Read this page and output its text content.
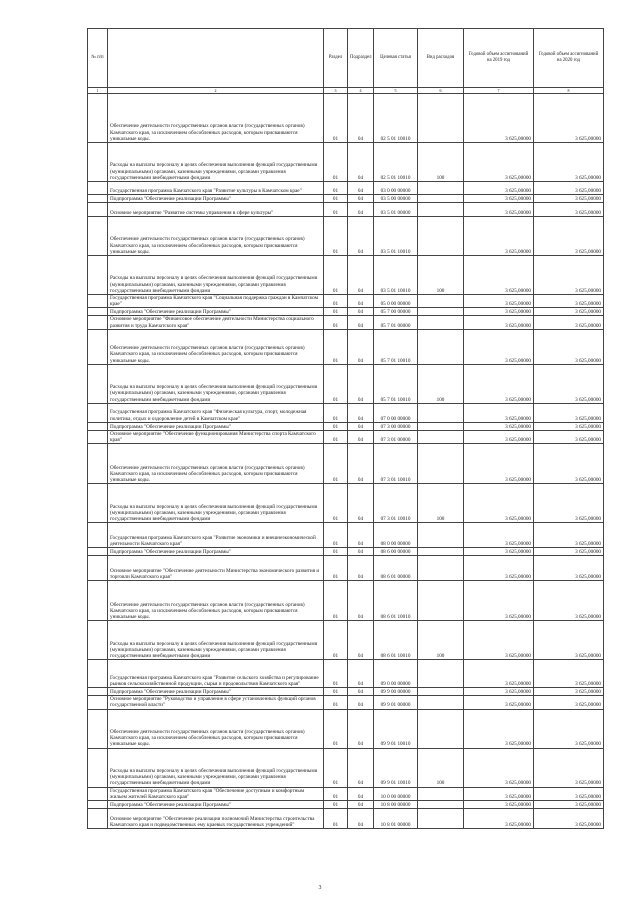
№ п/п		Раздел	Подраздел	Целевая статья	Вид расходов	Годовой объем ассигнований на 2019 год	Годовой объем ассигнований на 2020 год
1	2	3	4	5	6	7	8
	Обеспечение деятельности государственных органов власти (государственных органов) Камчатского края, за исключением обособленных расходов, которым присваиваются уникальные коды.	01	04	02 5 01 10010		3 625,00000	3 625,00000
	Расходы на выплаты персоналу в целях обеспечения выполнения функций государственными (муниципальными) органами, казенными учреждениями, органами управления государственными внебюджетными фондами	01	04	02 5 01 10010	100	3 625,00000	3 625,00000
	Государственная программа Камчатского края "Развитие культуры в Камчатском крае"	01	04	03 0 00 00000		3 625,00000	3 625,00000
	Подпрограмма "Обеспечение реализации Программы"	01	04	03 5 00 00000		3 625,00000	3 625,00000
	Основное мероприятие "Развитие системы управления в сфере культуры"	01	04	03 5 01 00000		3 625,00000	3 625,00000
	Обеспечение деятельности государственных органов власти (государственных органов) Камчатского края, за исключением обособленных расходов, которым присваиваются уникальные коды.	01	04	03 5 01 10010		3 625,00000	3 625,00000
	Расходы на выплаты персоналу в целях обеспечения выполнения функций государственными (муниципальными) органами, казенными учреждениями, органами управления государственными внебюджетными фондами	01	04	03 5 01 10010	100	3 625,00000	3 625,00000
	Государственная программа Камчатского края "Социальная поддержка граждан в Камчатском крае"	01	04	05 0 00 00000		3 625,00000	3 625,00000
	Подпрограмма "Обеспечение реализации Программы"	01	04	05 7 00 00000		3 625,00000	3 625,00000
	Основное мероприятие "Финансовое обеспечение деятельности Министерства социального развития и труда Камчатского края"	01	04	05 7 01 00000		3 625,00000	3 625,00000
	Обеспечение деятельности государственных органов власти (государственных органов) Камчатского края, за исключением обособленных расходов, которым присваиваются уникальные коды.	01	04	05 7 01 10010		3 625,00000	3 625,00000
	Расходы на выплаты персоналу в целях обеспечения выполнения функций государственными (муниципальными) органами, казенными учреждениями, органами управления государственными внебюджетными фондами	01	04	05 7 01 10010	100	3 625,00000	3 625,00000
	Государственная программа Камчатского края "Физическая культура, спорт, молодежная политика, отдых и оздоровление детей в Камчатском крае"	01	04	07 0 00 00000		3 625,00000	3 625,00000
	Подпрограмма "Обеспечение реализации Программы"	01	04	07 3 00 00000		3 625,00000	3 625,00000
	Основное мероприятие "Обеспечение функционирования Министерства спорта Камчатского края"	01	04	07 3 01 00000		3 625,00000	3 625,00000
	Обеспечение деятельности государственных органов власти (государственных органов) Камчатского края, за исключением обособленных расходов, которым присваиваются уникальные коды.	01	04	07 3 01 10010		3 625,00000	3 625,00000
	Расходы на выплаты персоналу в целях обеспечения выполнения функций государственными (муниципальными) органами, казенными учреждениями, органами управления государственными внебюджетными фондами	01	04	07 3 01 10010	100	3 625,00000	3 625,00000
	Государственная программа Камчатского края "Развитие экономики и внешнеэкономической деятельности Камчатского края"	01	04	08 0 00 00000		3 625,00000	3 625,00000
	Подпрограмма "Обеспечение реализации Программы"	01	04	08 6 00 00000		3 625,00000	3 625,00000
	Основное мероприятие "Обеспечение деятельности Министерства экономического развития и торговли Камчатского края"	01	04	08 6 01 00000		3 625,00000	3 625,00000
	Обеспечение деятельности государственных органов власти (государственных органов) Камчатского края, за исключением обособленных расходов, которым присваиваются уникальные коды.	01	04	08 6 01 10010		3 625,00000	3 625,00000
	Расходы на выплаты персоналу в целях обеспечения выполнения функций государственными (муниципальными) органами, казенными учреждениями, органами управления государственными внебюджетными фондами	01	04	08 6 01 10010	100	3 625,00000	3 625,00000
	Государственная программа Камчатского края "Развитие сельского хозяйства и регулирование рынков сельскохозяйственной продукции, сырья и продовольствия Камчатского края"	01	04	09 0 00 00000		3 625,00000	3 625,00000
	Подпрограмма "Обеспечение реализации Программы"	01	04	09 9 00 00000		3 625,00000	3 625,00000
	Основное мероприятие "Руководство и управление в сфере установленных функций органов государственной власти"	01	04	09 9 01 00000		3 625,00000	3 625,00000
	Обеспечение деятельности государственных органов власти (государственных органов) Камчатского края, за исключением обособленных расходов, которым присваиваются уникальные коды.	01	04	09 9 01 10010		3 625,00000	3 625,00000
	Расходы на выплаты персоналу в целях обеспечения выполнения функций государственными (муниципальными) органами, казенными учреждениями, органами управления государственными внебюджетными фондами	01	04	09 9 01 10010	100	3 625,00000	3 625,00000
	Государственная программа Камчатского края "Обеспечение доступным и комфортным жильем жителей Камчатского края"	01	04	10 0 00 00000		3 625,00000	3 625,00000
	Подпрограмма "Обеспечение реализации Программы"	01	04	10 8 00 00000		3 625,00000	3 625,00000
	Основное мероприятие "Обеспечение реализации полномочий Министерства строительства Камчатского края и подведомственных ему краевых государственных учреждений"	01	04	10 8 01 00000		3 625,00000	3 625,00000
3
